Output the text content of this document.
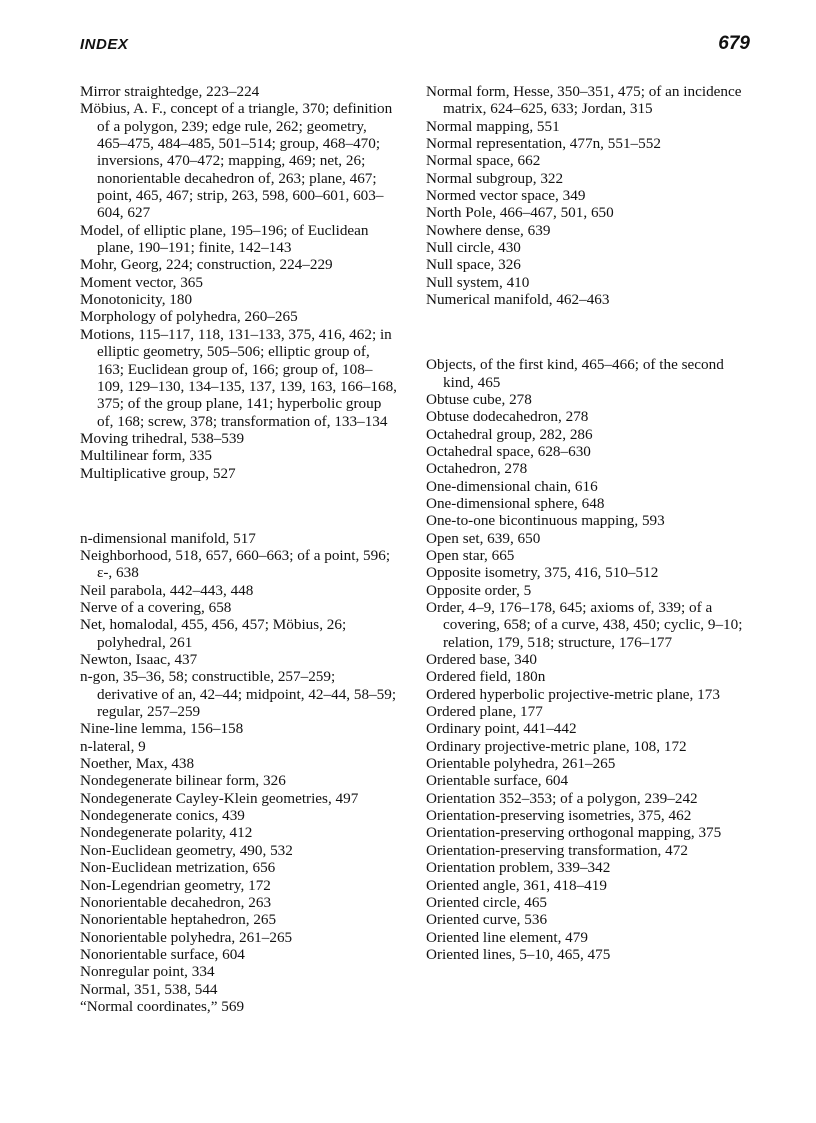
INDEX	679

Mirror straightedge, 223–224

Möbius, A. F., concept of a triangle, 370; definition of a polygon, 239; edge rule, 262; geometry, 465–475, 484–485, 501–514; group, 468–470; inversions, 470–472; mapping, 469; net, 26; nonorientable decahedron of, 263; plane, 467; point, 465, 467; strip, 263, 598, 600–601, 603–604, 627

Model, of elliptic plane, 195–196; of Euclidean plane, 190–191; finite, 142–143

Mohr, Georg, 224; construction, 224–229

Moment vector, 365

Monotonicity, 180

Morphology of polyhedra, 260–265

Motions, 115–117, 118, 131–133, 375, 416, 462; in elliptic geometry, 505–506; elliptic group of, 163; Euclidean group of, 166; group of, 108–109, 129–130, 134–135, 137, 139, 163, 166–168, 375; of the group plane, 141; hyperbolic group of, 168; screw, 378; transformation of, 133–134

Moving trihedral, 538–539

Multilinear form, 335

Multiplicative group, 527

n-dimensional manifold, 517

Neighborhood, 518, 657, 660–663; of a point, 596; ε-, 638

Neil parabola, 442–443, 448

Nerve of a covering, 658

Net, homalodal, 455, 456, 457; Möbius, 26; polyhedral, 261

Newton, Isaac, 437

n-gon, 35–36, 58; constructible, 257–259; derivative of an, 42–44; midpoint, 42–44, 58–59; regular, 257–259

Nine-line lemma, 156–158

n-lateral, 9

Noether, Max, 438

Nondegenerate bilinear form, 326

Nondegenerate Cayley-Klein geometries, 497

Nondegenerate conics, 439

Nondegenerate polarity, 412

Non-Euclidean geometry, 490, 532

Non-Euclidean metrization, 656

Non-Legendrian geometry, 172

Nonorientable decahedron, 263

Nonorientable heptahedron, 265

Nonorientable polyhedra, 261–265

Nonorientable surface, 604

Nonregular point, 334

Normal, 351, 538, 544

“Normal coordinates,” 569

Normal form, Hesse, 350–351, 475; of an incidence matrix, 624–625, 633; Jordan, 315

Normal mapping, 551

Normal representation, 477n, 551–552

Normal space, 662

Normal subgroup, 322

Normed vector space, 349

North Pole, 466–467, 501, 650

Nowhere dense, 639

Null circle, 430

Null space, 326

Null system, 410

Numerical manifold, 462–463

Objects, of the first kind, 465–466; of the second kind, 465

Obtuse cube, 278

Obtuse dodecahedron, 278

Octahedral group, 282, 286

Octahedral space, 628–630

Octahedron, 278

One-dimensional chain, 616

One-dimensional sphere, 648

One-to-one bicontinuous mapping, 593

Open set, 639, 650

Open star, 665

Opposite isometry, 375, 416, 510–512

Opposite order, 5

Order, 4–9, 176–178, 645; axioms of, 339; of a covering, 658; of a curve, 438, 450; cyclic, 9–10; relation, 179, 518; structure, 176–177

Ordered base, 340

Ordered field, 180n

Ordered hyperbolic projective-metric plane, 173

Ordered plane, 177

Ordinary point, 441–442

Ordinary projective-metric plane, 108, 172

Orientable polyhedra, 261–265

Orientable surface, 604

Orientation 352–353; of a polygon, 239–242

Orientation-preserving isometries, 375, 462

Orientation-preserving orthogonal mapping, 375

Orientation-preserving transformation, 472

Orientation problem, 339–342

Oriented angle, 361, 418–419

Oriented circle, 465

Oriented curve, 536

Oriented line element, 479

Oriented lines, 5–10, 465, 475
